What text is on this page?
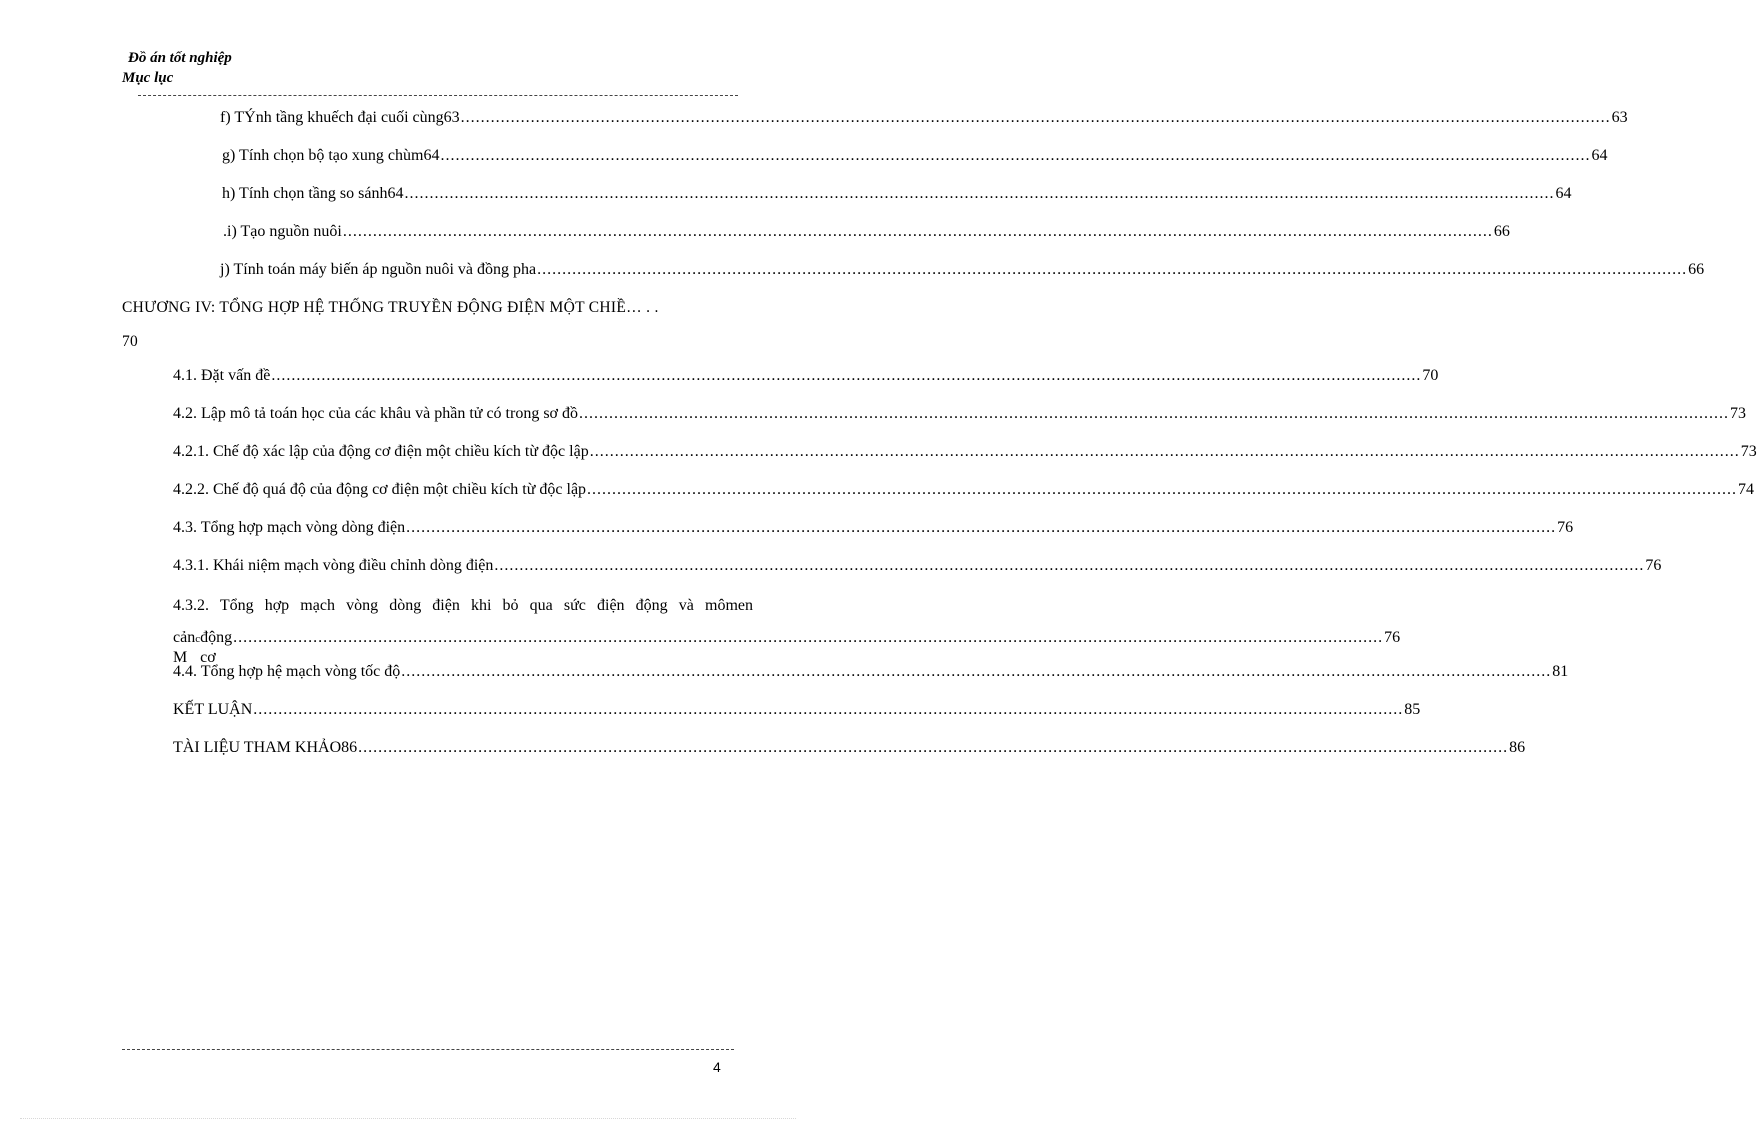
Đồ án tốt nghiệp
Mục lục
f) TÝnh tầng khuếch đại cuối cùng63 ...................................................................................................................................................................................................................................... 63
g) Tính chọn bộ tạo xung chùm64 ...................................................................................................................................................................................................................................... 64
h) Tính chọn tầng so sánh64 ...................................................................................................................................................................................................................................... 64
.i) Tạo nguồn nuôi ...................................................................................................................................................................................................................................... 66
j) Tính toán máy biến áp nguồn nuôi và đồng pha ...................................................................................................................................................................................................................................... 66
CHƯƠNG IV: TỔNG HỢP HỆ THỐNG TRUYỀN ĐỘNG ĐIỆN MỘT CHIỀ… . .
70
4.1. Đặt vấn đề ...................................................................................................................................................................................................................................... 70
4.2. Lập mô tả toán học của các khâu và phần tử có trong sơ đồ ...................................................................................................................................................................................................................................... 73
4.2.1. Chế độ xác lập của động cơ điện một chiều kích từ độc lập ...................................................................................................................................................................................................................................... 73
4.2.2. Chế độ quá độ của động cơ điện một chiều kích từ độc lập ...................................................................................................................................................................................................................................... 74
4.3. Tổng hợp mạch vòng dòng điện ...................................................................................................................................................................................................................................... 76
4.3.1. Khái niệm mạch vòng điều chỉnh dòng điện ...................................................................................................................................................................................................................................... 76
4.3.2. Tổng hợp mạch vòng dòng điện khi bỏ qua sức điện động và mômen
cản M
c động cơ
...................................................................................................................................................................................................................................... 76
4.4. Tổng hợp hệ mạch vòng tốc độ ...................................................................................................................................................................................................................................... 81
KẾT LUẬN ...................................................................................................................................................................................................................................... 85
TÀI LIỆU THAM KHẢO86 ...................................................................................................................................................................................................................................... 86
4
